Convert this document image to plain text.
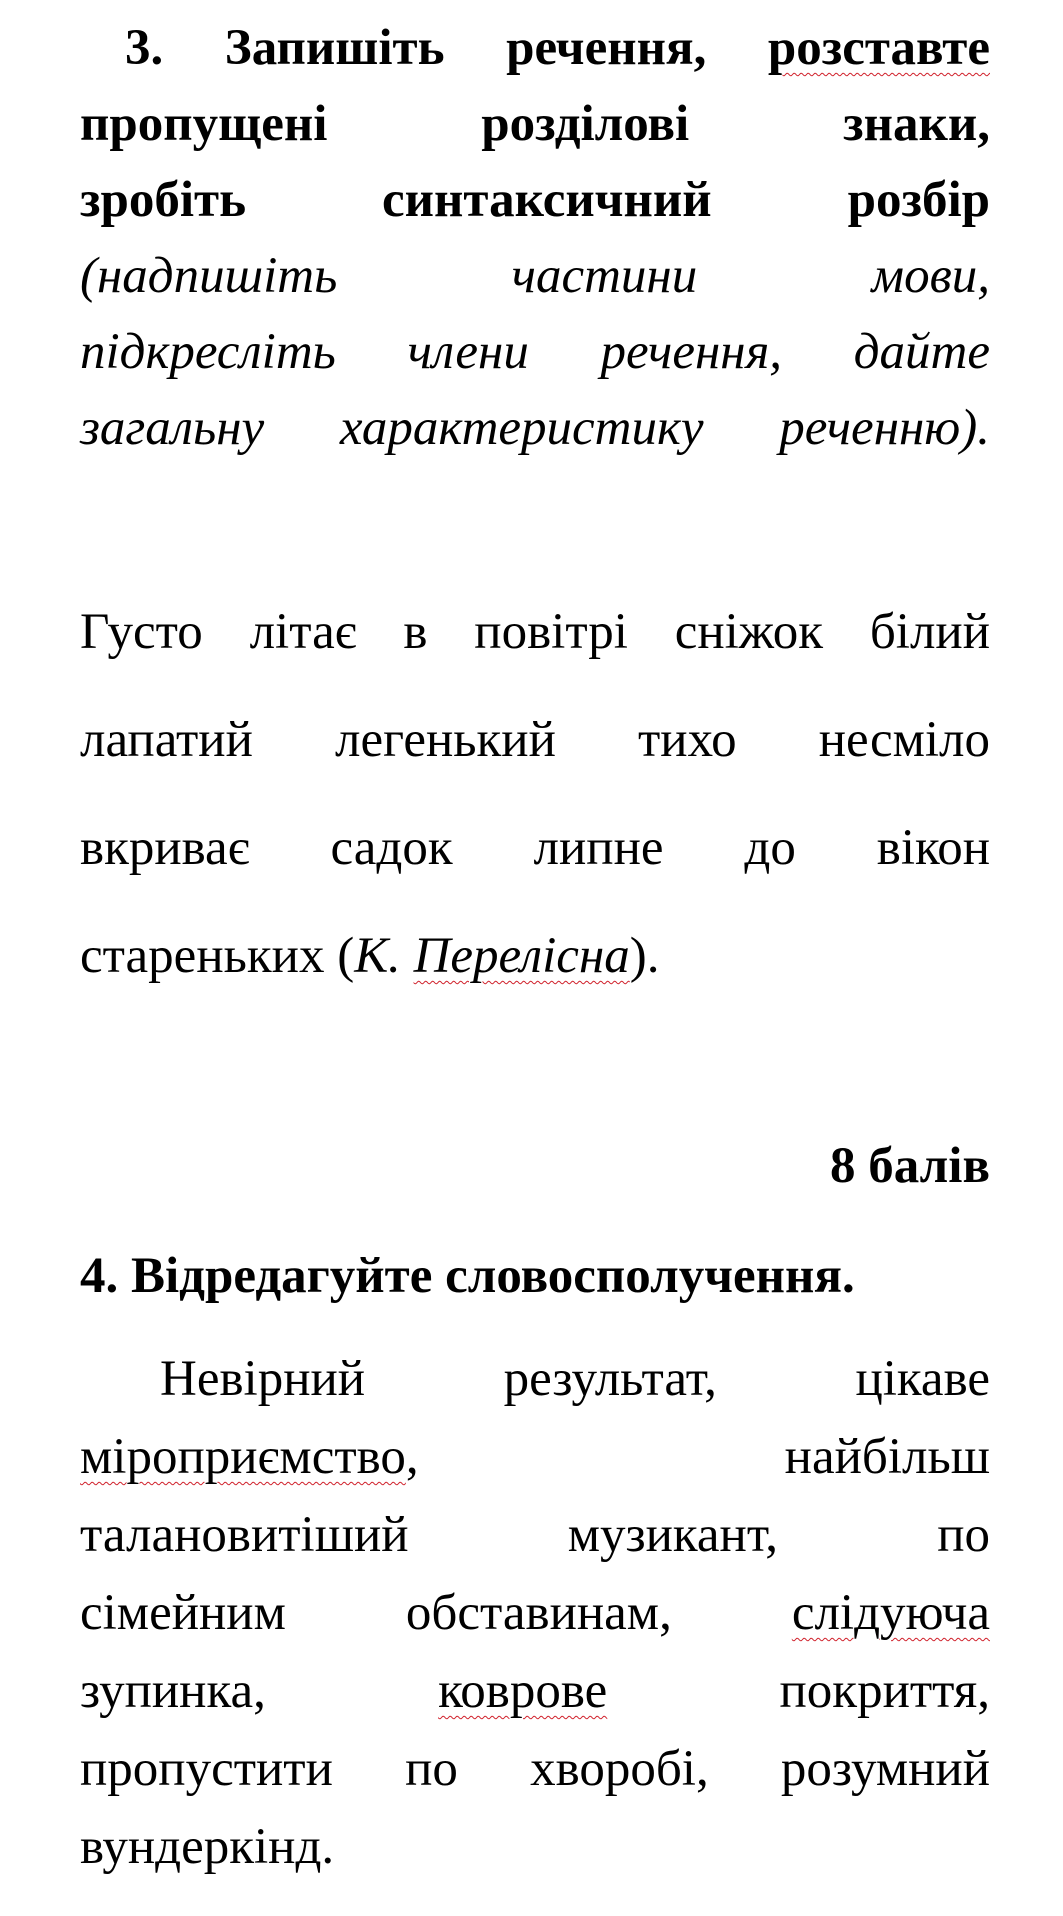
3. Запишіть речення, розставте
пропущені розділові знаки,
зробіть синтаксичний розбір
(надпишіть частини мови,
підкресліть члени речення, дайте
загальну характеристику реченню).
Густо літає в повітрі сніжок білий
лапатий легенький тихо несміло
вкриває садок липне до вікон
стареньких (К. Перелісна).
8 балів
4. Відредагуйте словосполучення.
Невірний результат, цікаве
міроприємство, найбільш
талановитіший музикант, по
сімейним обставинам, слідуюча
зупинка, коврове покриття,
пропустити по хворобі, розумний
вундеркінд.
